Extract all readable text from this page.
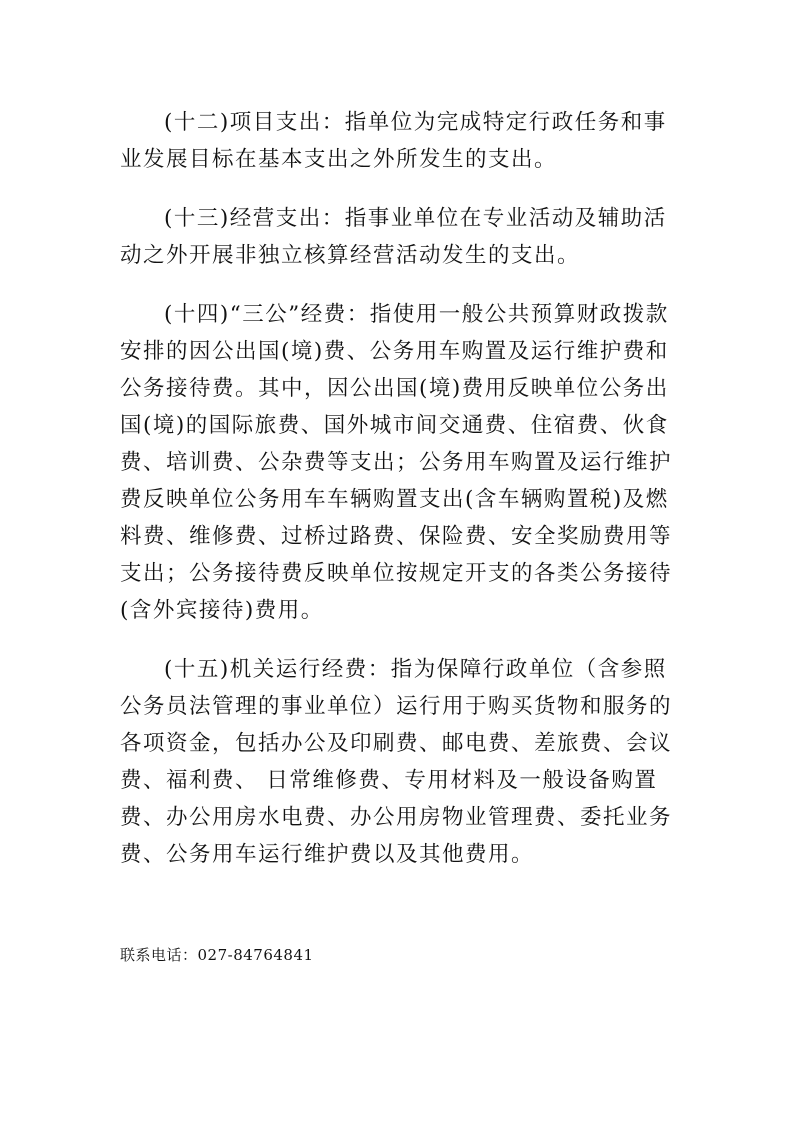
(十二)项目支出：指单位为完成特定行政任务和事业发展目标在基本支出之外所发生的支出。

(十三)经营支出：指事业单位在专业活动及辅助活动之外开展非独立核算经营活动发生的支出。

(十四)“三公”经费：指使用一般公共预算财政拨款安排的因公出国(境)费、公务用车购置及运行维护费和公务接待费。其中，因公出国(境)费用反映单位公务出国(境)的国际旅费、国外城市间交通费、住宿费、伙食费、培训费、公杂费等支出；公务用车购置及运行维护费反映单位公务用车车辆购置支出(含车辆购置税)及燃料费、维修费、过桥过路费、保险费、安全奖励费用等支出；公务接待费反映单位按规定开支的各类公务接待(含外宾接待)费用。

(十五)机关运行经费：指为保障行政单位（含参照公务员法管理的事业单位）运行用于购买货物和服务的各项资金，包括办公及印刷费、邮电费、差旅费、会议费、福利费、 日常维修费、专用材料及一般设备购置费、办公用房水电费、办公用房物业管理费、委托业务费、公务用车运行维护费以及其他费用。

联系电话：027-84764841
